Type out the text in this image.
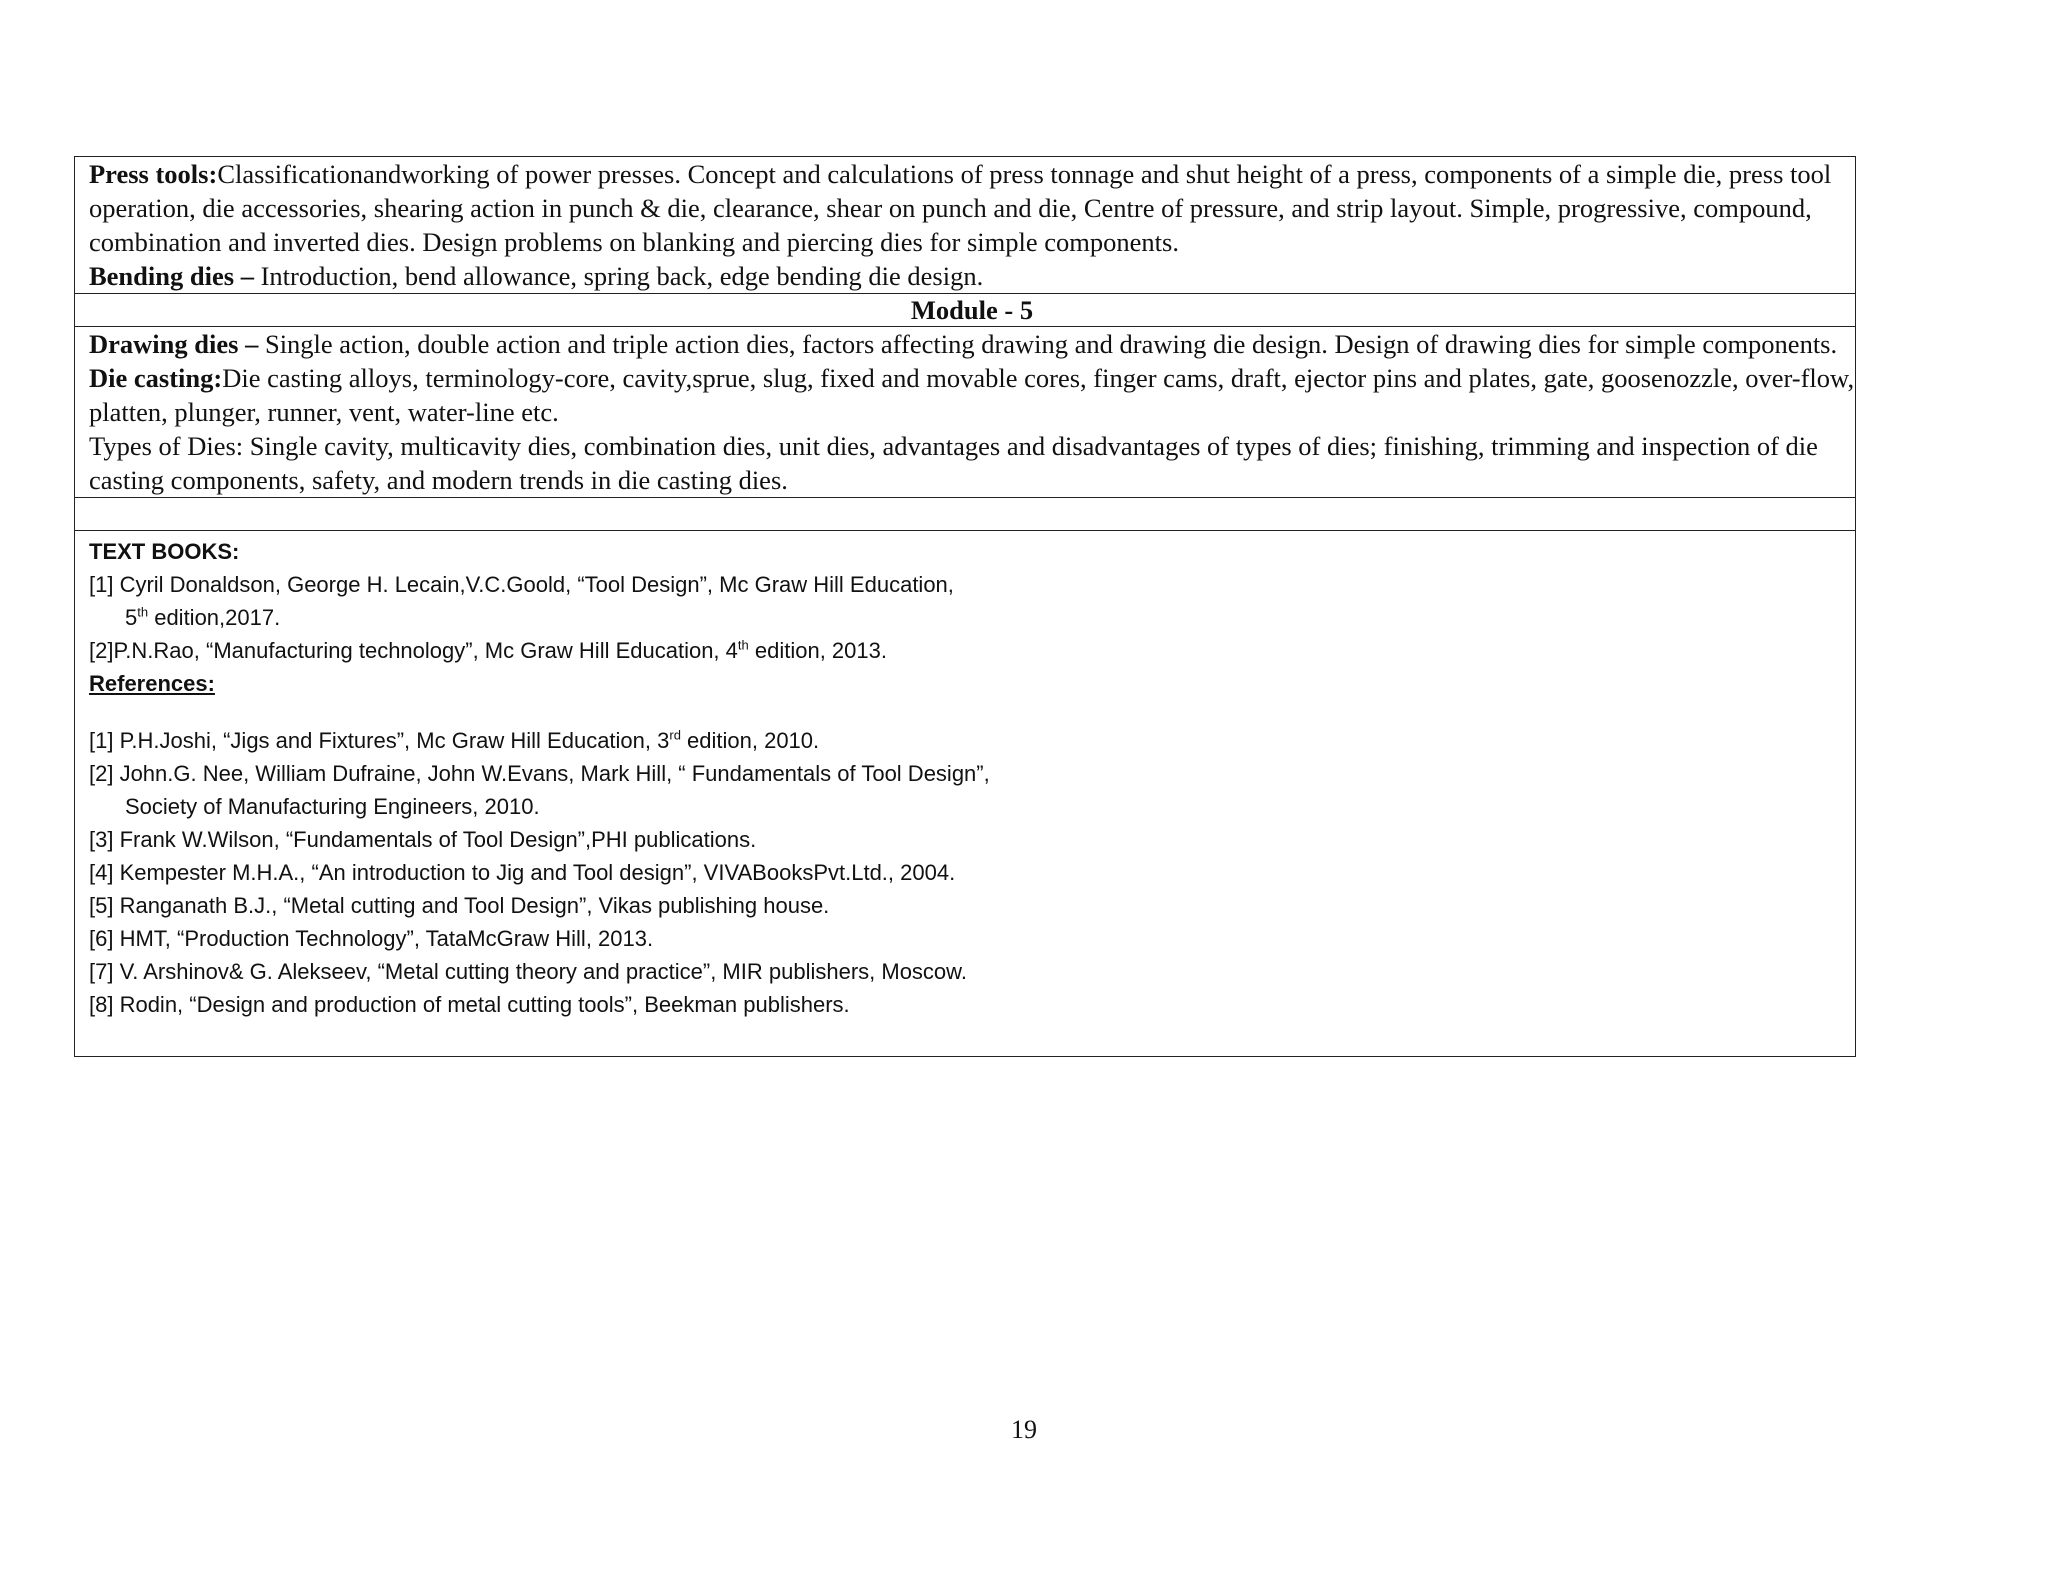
Press tools:Classificationandworking of power presses. Concept and calculations of press tonnage and shut height of a press, components of a simple die, press tool operation, die accessories, shearing action in punch & die, clearance, shear on punch and die, Centre of pressure, and strip layout. Simple, progressive, compound, combination and inverted dies. Design problems on blanking and piercing dies for simple components.

Bending dies – Introduction, bend allowance, spring back, edge bending die design.

Module - 5

Drawing dies – Single action, double action and triple action dies, factors affecting drawing and drawing die design. Design of drawing dies for simple components.

Die casting:Die casting alloys, terminology-core, cavity,sprue, slug, fixed and movable cores, finger cams, draft, ejector pins and plates, gate, goosenozzle, over-flow, platten, plunger, runner, vent, water-line etc.

Types of Dies: Single cavity, multicavity dies, combination dies, unit dies, advantages and disadvantages of types of dies; finishing, trimming and inspection of die casting components, safety, and modern trends in die casting dies.

TEXT BOOKS:

[1] Cyril Donaldson, George H. Lecain,V.C.Goold, “Tool Design”, Mc Graw Hill Education,
5th edition,2017.
[2]P.N.Rao, “Manufacturing technology”, Mc Graw Hill Education, 4th edition, 2013.

References:

[1] P.H.Joshi, “Jigs and Fixtures”, Mc Graw Hill Education, 3rd edition, 2010.
[2] John.G. Nee, William Dufraine, John W.Evans, Mark Hill, “ Fundamentals of Tool Design”,
Society of Manufacturing Engineers, 2010.
[3] Frank W.Wilson, “Fundamentals of Tool Design”,PHI publications.
[4] Kempester M.H.A., “An introduction to Jig and Tool design”, VIVABooksPvt.Ltd., 2004.
[5] Ranganath B.J., “Metal cutting and Tool Design”, Vikas publishing house.
[6] HMT, “Production Technology”, TataMcGraw Hill, 2013.
[7] V. Arshinov& G. Alekseev, “Metal cutting theory and practice”, MIR publishers, Moscow.
[8] Rodin, “Design and production of metal cutting tools”, Beekman publishers.
19
